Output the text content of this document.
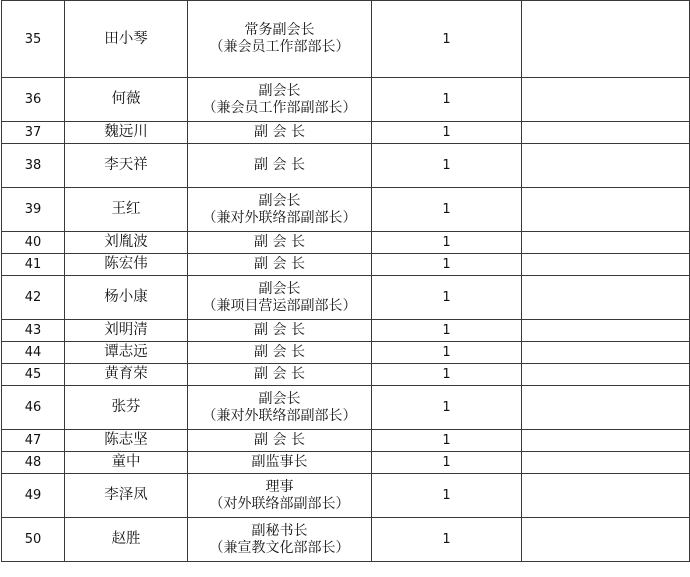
35	田小琴	常务副会长
（兼会员工作部部长）	1	
36	何薇	副会长
（兼会员工作部副部长）	1	
37	魏远川	副 会 长	1	
38	李天祥	副 会 长	1	
39	王红	副会长
（兼对外联络部副部长）	1	
40	刘胤波	副 会 长	1	
41	陈宏伟	副 会 长	1	
42	杨小康	副会长
（兼项目营运部副部长）	1	
43	刘明清	副 会 长	1	
44	谭志远	副 会 长	1	
45	黄育荣	副 会 长	1	
46	张芬	副会长
（兼对外联络部副部长）	1	
47	陈志坚	副 会 长	1	
48	童中	副监事长	1	
49	李泽凤	理事
（对外联络部副部长）	1	
50	赵胜	副秘书长
（兼宣教文化部部长）	1	
